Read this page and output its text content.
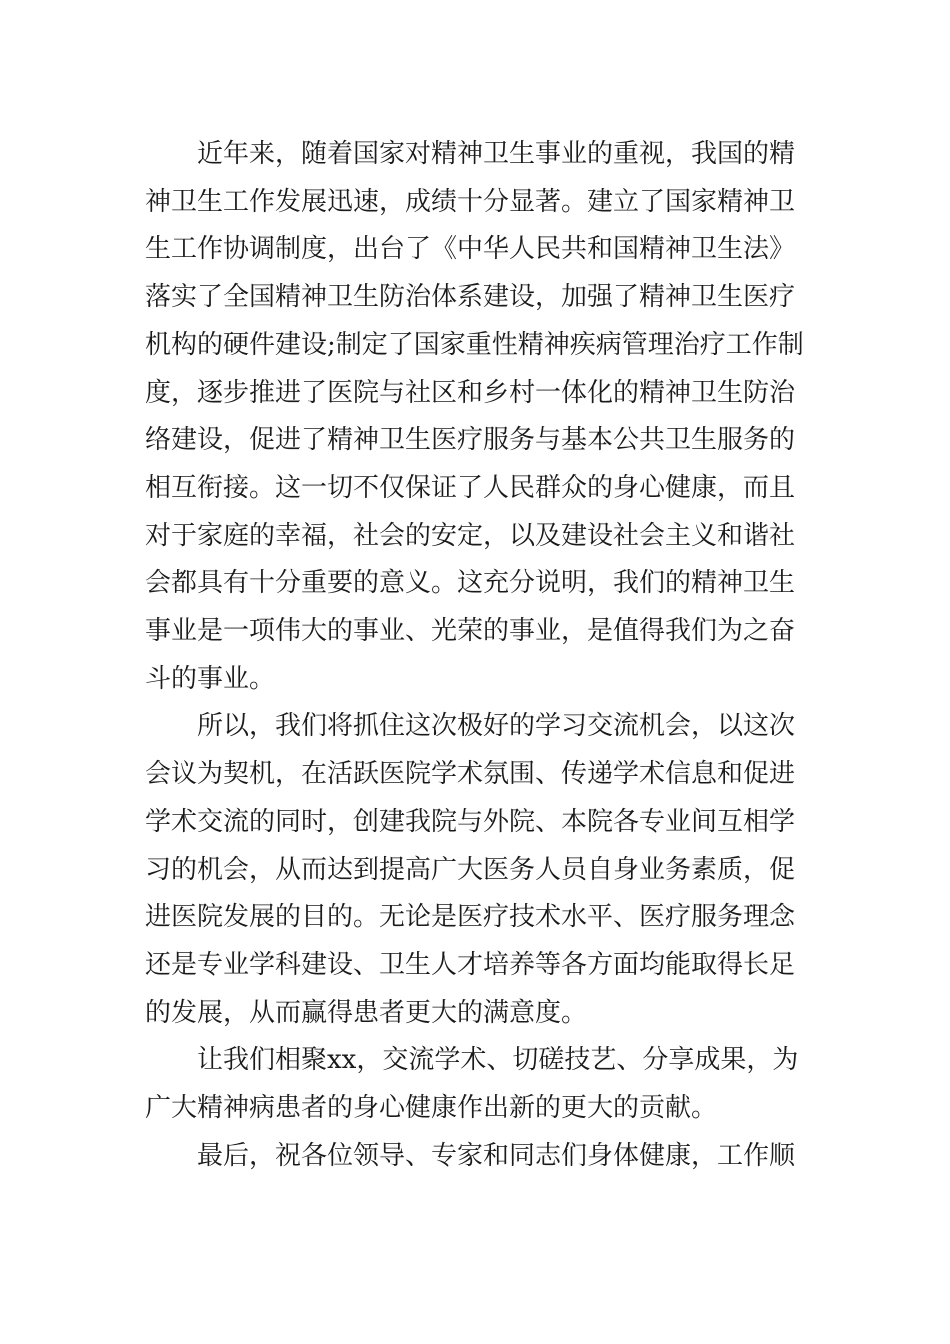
近年来，随着国家对精神卫生事业的重视，我国的精
神卫生工作发展迅速，成绩十分显著。建立了国家精神卫
生工作协调制度，出台了《中华人民共和国精神卫生法》
落实了全国精神卫生防治体系建设，加强了精神卫生医疗
机构的硬件建设;制定了国家重性精神疾病管理治疗工作制
度，逐步推进了医院与社区和乡村一体化的精神卫生防治
络建设，促进了精神卫生医疗服务与基本公共卫生服务的
相互衔接。这一切不仅保证了人民群众的身心健康，而且
对于家庭的幸福，社会的安定，以及建设社会主义和谐社
会都具有十分重要的意义。这充分说明，我们的精神卫生
事业是一项伟大的事业、光荣的事业，是值得我们为之奋
斗的事业。

所以，我们将抓住这次极好的学习交流机会，以这次
会议为契机，在活跃医院学术氛围、传递学术信息和促进
学术交流的同时，创建我院与外院、本院各专业间互相学
习的机会，从而达到提高广大医务人员自身业务素质，促
进医院发展的目的。无论是医疗技术水平、医疗服务理念
还是专业学科建设、卫生人才培养等各方面均能取得长足
的发展，从而赢得患者更大的满意度。

让我们相聚xx，交流学术、切磋技艺、分享成果，为
广大精神病患者的身心健康作出新的更大的贡献。

最后，祝各位领导、专家和同志们身体健康，工作顺
